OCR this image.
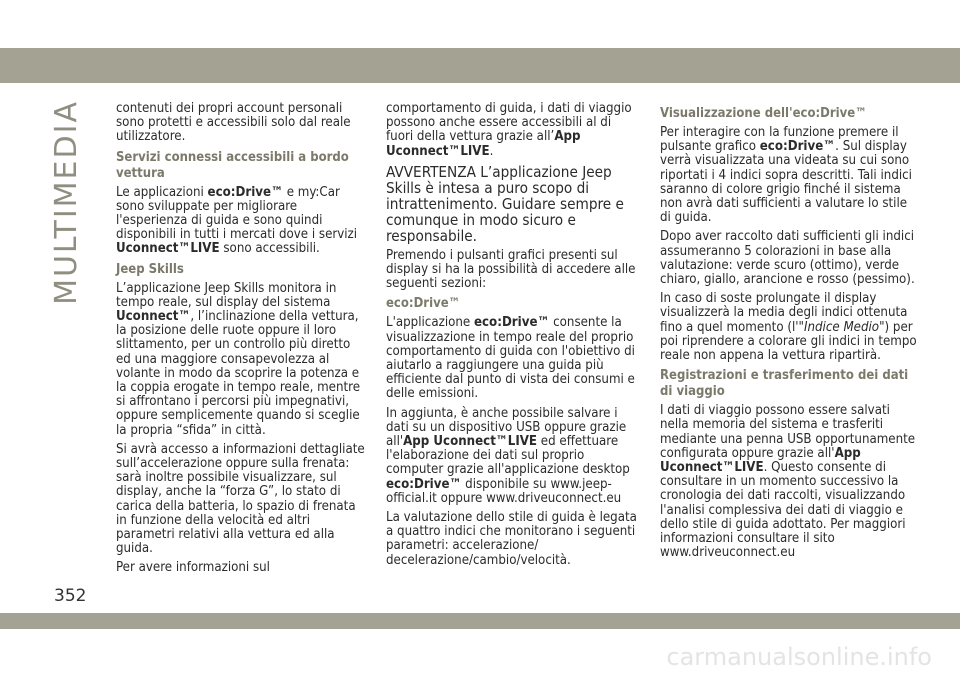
MULTIMEDIA contenuti dei propri account personali sono protetti e accessibili solo dal reale utilizzatore.

Servizi connessi accessibili a bordo vettura

Le applicazioni eco:Drive™ e my:Car sono sviluppate per migliorare l'esperienza di guida e sono quindi disponibili in tutti i mercati dove i servizi Uconnect™LIVE sono accessibili.

Jeep Skills

L’applicazione Jeep Skills monitora in tempo reale, sul display del sistema Uconnect™, l’inclinazione della vettura, la posizione delle ruote oppure il loro slittamento, per un controllo più diretto ed una maggiore consapevolezza al volante in modo da scoprire la potenza e la coppia erogate in tempo reale, mentre si affrontano i percorsi più impegnativi, oppure semplicemente quando si sceglie la propria “sfida” in città.

Si avrà accesso a informazioni dettagliate sull’accelerazione oppure sulla frenata: sarà inoltre possibile visualizzare, sul display, anche la “forza G”, lo stato di carica della batteria, lo spazio di frenata in funzione della velocità ed altri parametri relativi alla vettura ed alla guida.

Per avere informazioni sul

comportamento di guida, i dati di viaggio possono anche essere accessibili al di fuori della vettura grazie all’App Uconnect™LIVE.

AVVERTENZA L’applicazione Jeep Skills è intesa a puro scopo di intrattenimento. Guidare sempre e comunque in modo sicuro e responsabile.

Premendo i pulsanti grafici presenti sul display si ha la possibilità di accedere alle seguenti sezioni:

eco:Drive™

L'applicazione eco:Drive™ consente la visualizzazione in tempo reale del proprio comportamento di guida con l'obiettivo di aiutarlo a raggiungere una guida più efficiente dal punto di vista dei consumi e delle emissioni.

In aggiunta, è anche possibile salvare i dati su un dispositivo USB oppure grazie all'App Uconnect™LIVE ed effettuare l'elaborazione dei dati sul proprio computer grazie all'applicazione desktop eco:Drive™ disponibile su www.jeep-official.it oppure www.driveuconnect.eu

La valutazione dello stile di guida è legata a quattro indici che monitorano i seguenti parametri: accelerazione/ decelerazione/cambio/velocità.

Visualizzazione dell'eco:Drive™

Per interagire con la funzione premere il pulsante grafico eco:Drive™. Sul display verrà visualizzata una videata su cui sono riportati i 4 indici sopra descritti. Tali indici saranno di colore grigio finché il sistema non avrà dati sufficienti a valutare lo stile di guida.

Dopo aver raccolto dati sufficienti gli indici assumeranno 5 colorazioni in base alla valutazione: verde scuro (ottimo), verde chiaro, giallo, arancione e rosso (pessimo).

In caso di soste prolungate il display visualizzerà la media degli indici ottenuta fino a quel momento (l'"Indice Medio") per poi riprendere a colorare gli indici in tempo reale non appena la vettura ripartirà.

Registrazioni e trasferimento dei dati di viaggio

I dati di viaggio possono essere salvati nella memoria del sistema e trasferiti mediante una penna USB opportunamente configurata oppure grazie all'App Uconnect™LIVE. Questo consente di consultare in un momento successivo la cronologia dei dati raccolti, visualizzando l'analisi complessiva dei dati di viaggio e dello stile di guida adottato. Per maggiori informazioni consultare il sito www.driveuconnect.eu

352
carmanualsonline.info
